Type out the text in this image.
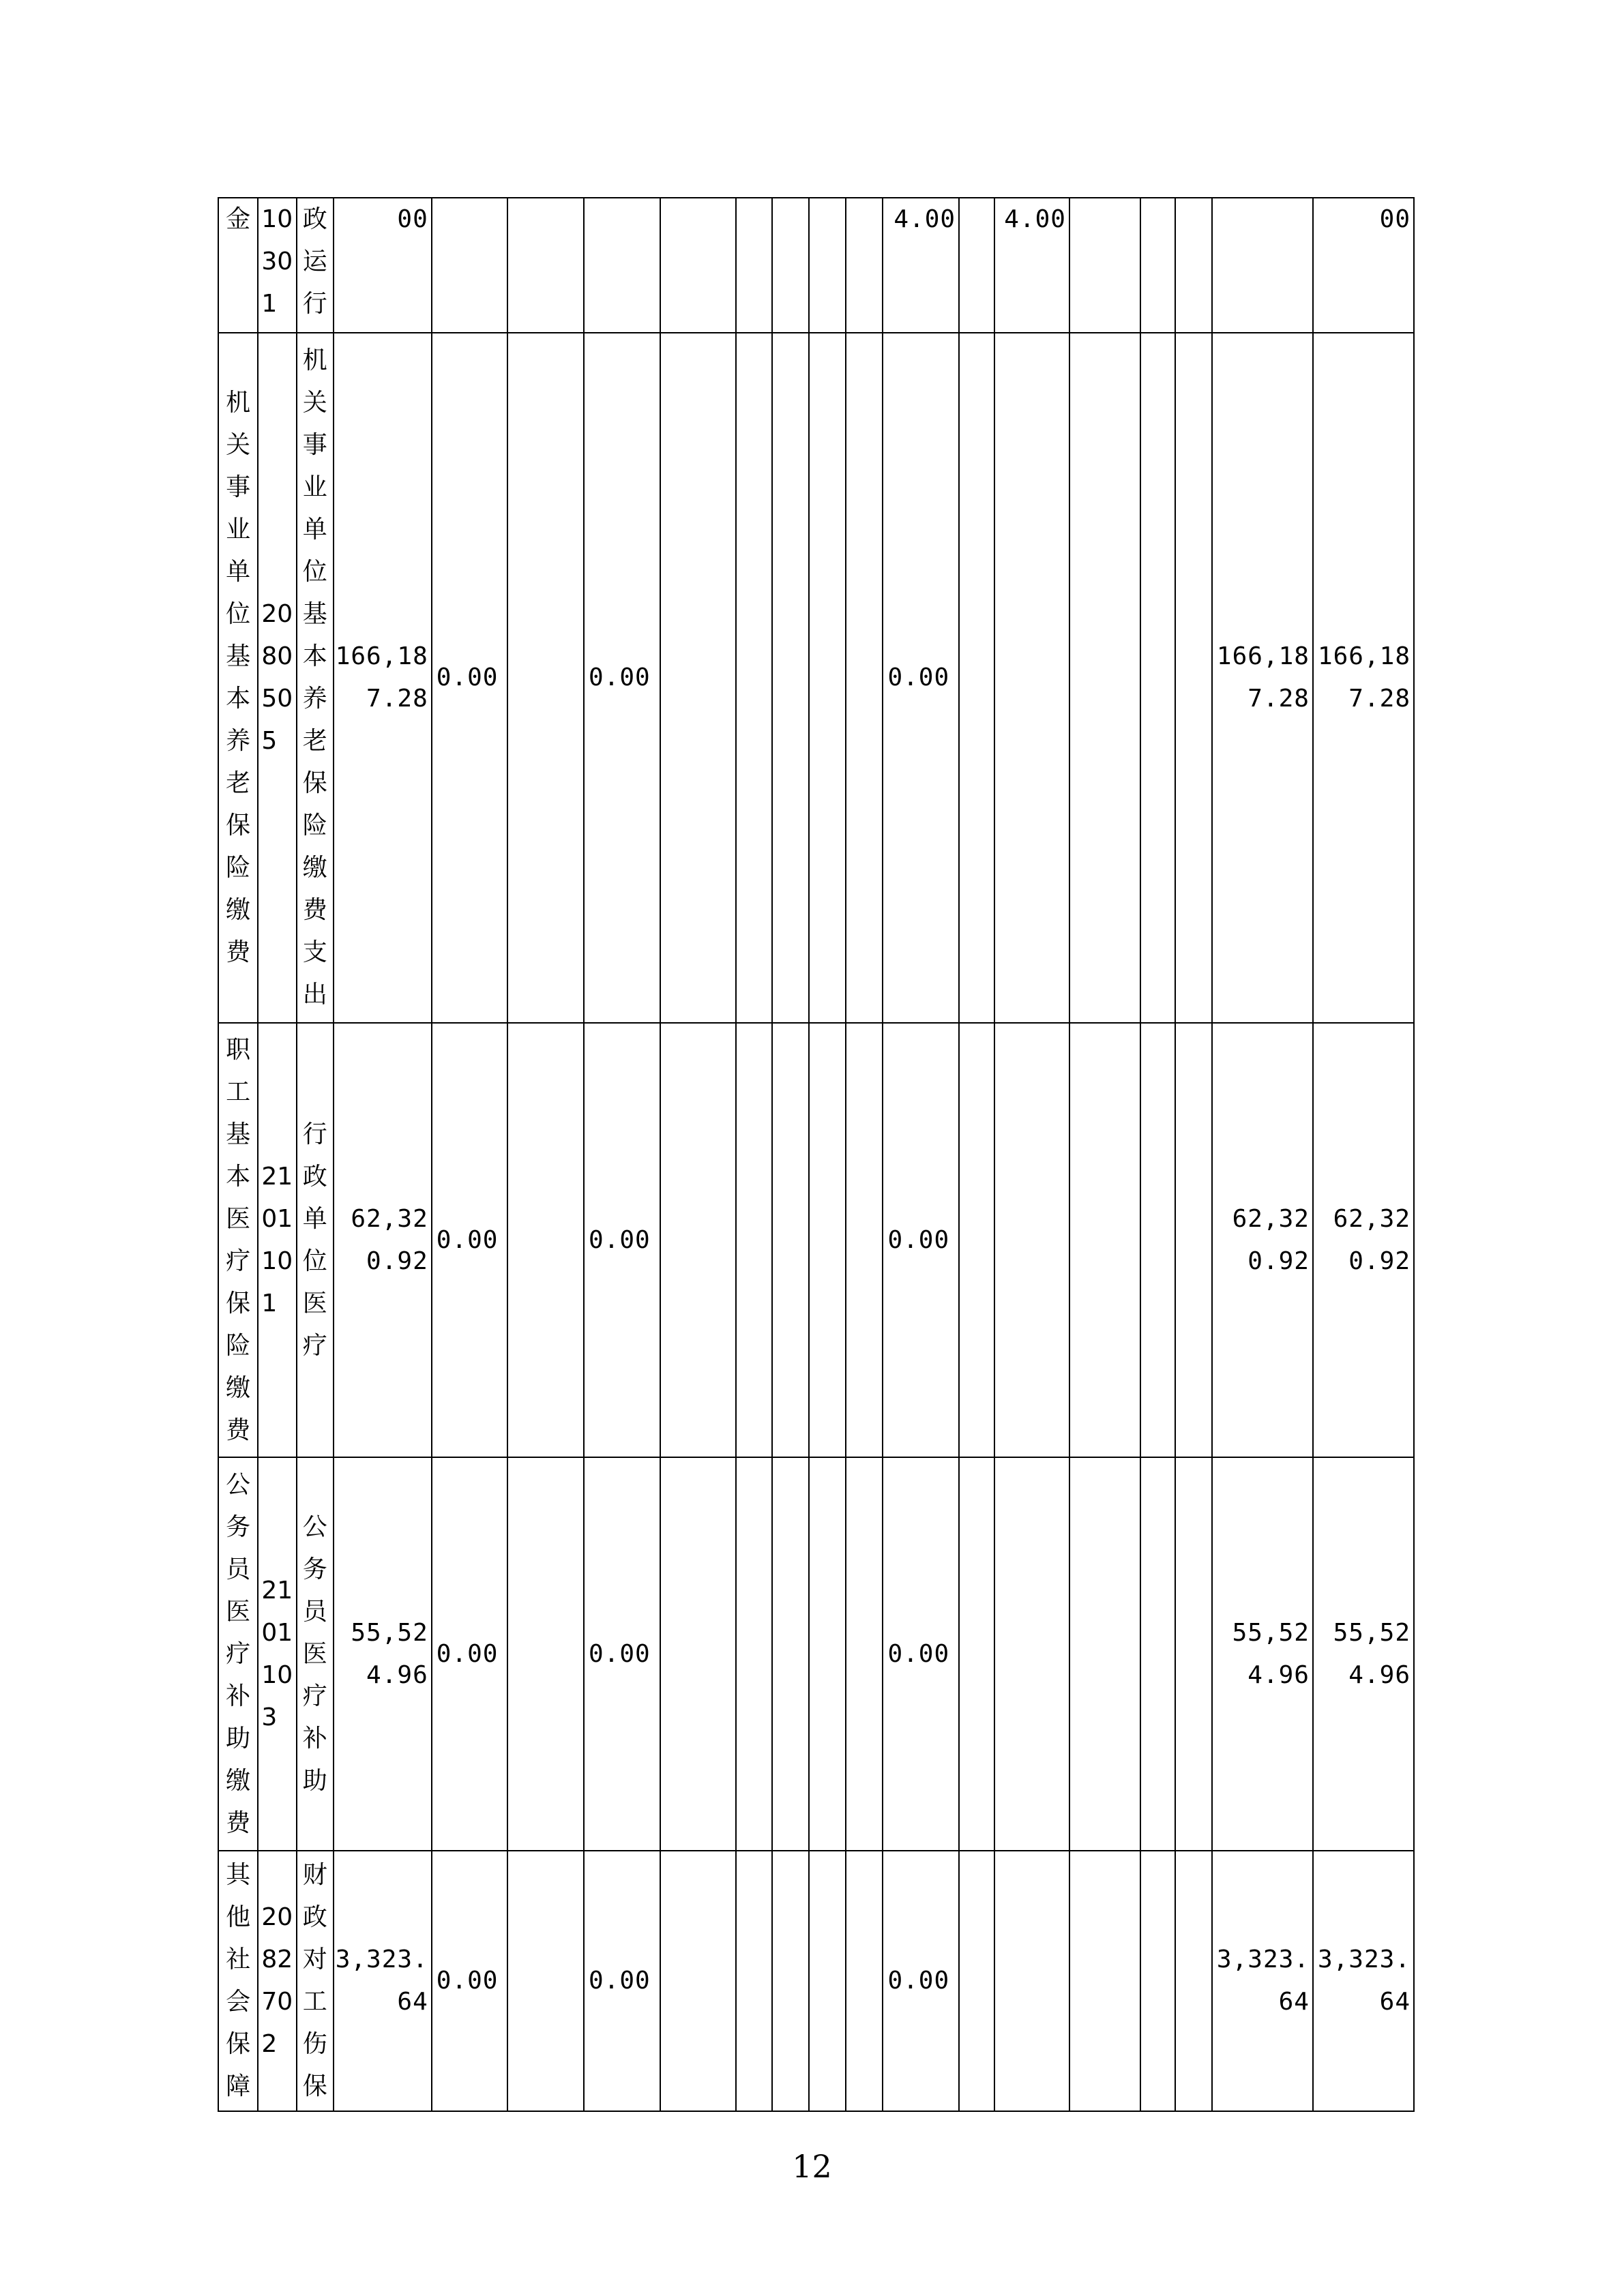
金	10301	政运行	00									4.00		4.00					00

机关事业单位基本养老保险缴费	2080505	机关事业单位基本养老保险缴费支出	166,187.28	0.00		0.00						0.00						166,187.28	166,187.28

职工基本医疗保险缴费	2101101	行政单位医疗	62,320.92	0.00		0.00						0.00						62,320.92	62,320.92

公务员医疗补助缴费	2101103	公务员医疗补助	55,524.96	0.00		0.00						0.00						55,524.96	55,524.96

其他社会保障	2082702	财政对工伤保	3,323.64	0.00		0.00						0.00						3,323.64	3,323.64
12
